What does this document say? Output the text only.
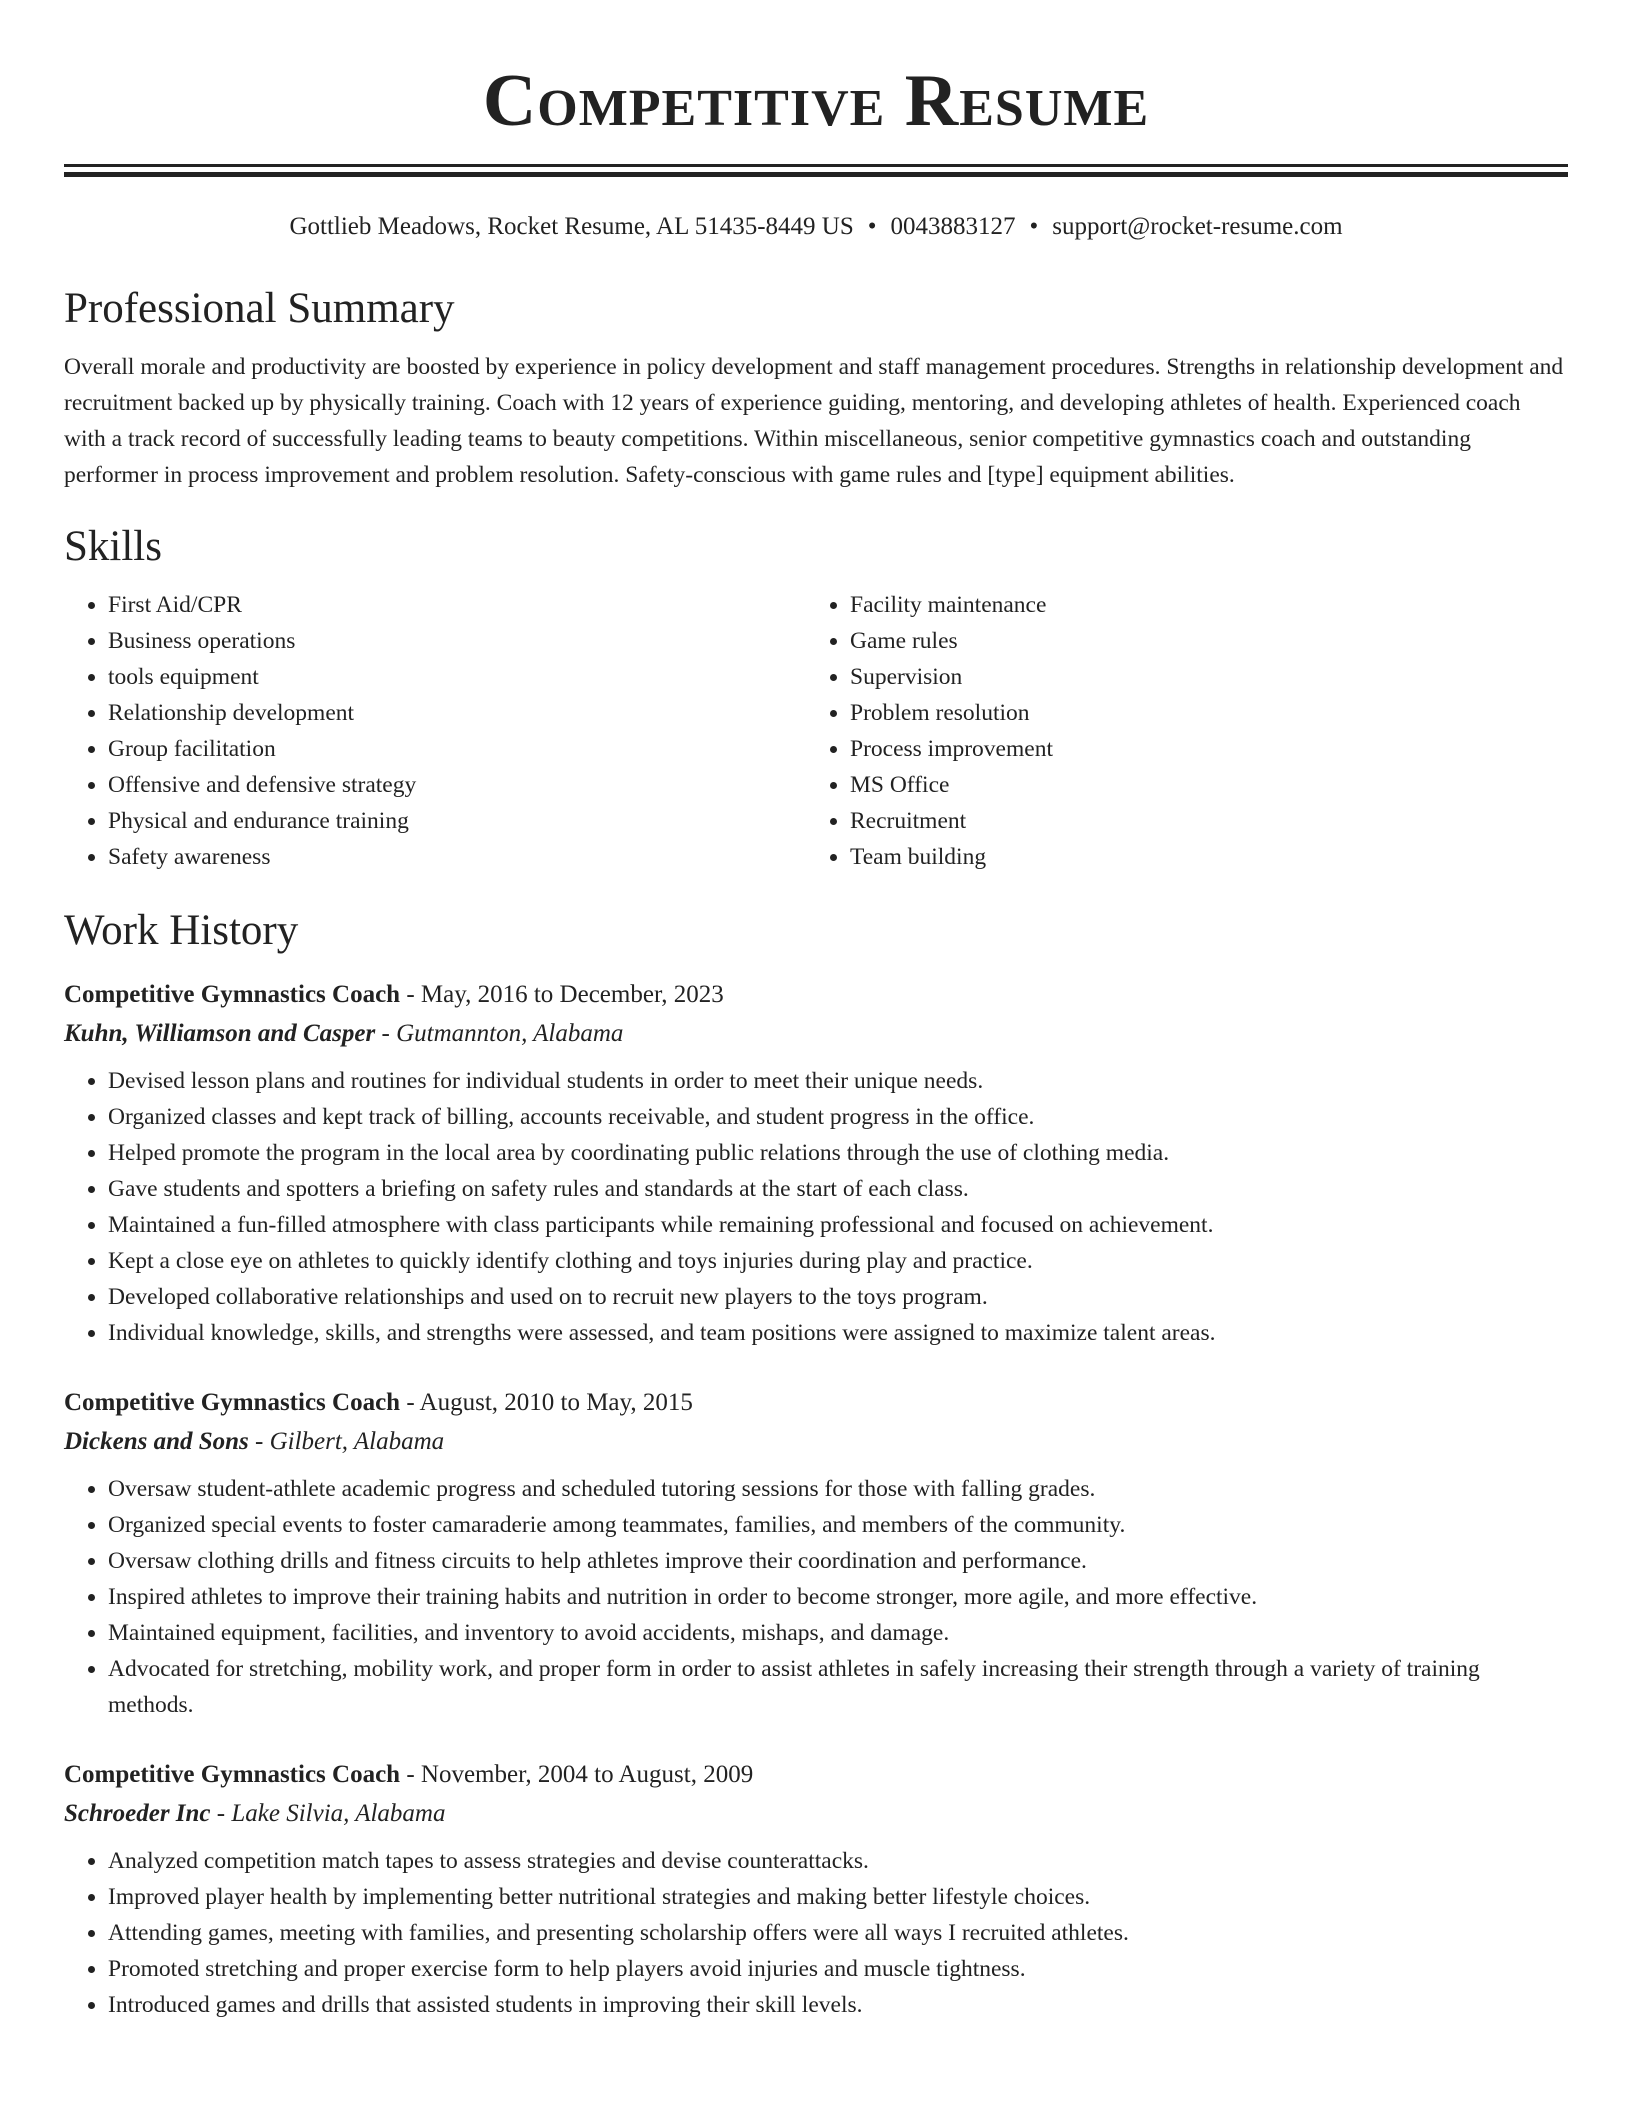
Competitive Resume
Gottlieb Meadows, Rocket Resume, AL 51435-8449 US • 0043883127 • support@rocket-resume.com
Professional Summary
Overall morale and productivity are boosted by experience in policy development and staff management procedures. Strengths in relationship development and recruitment backed up by physically training. Coach with 12 years of experience guiding, mentoring, and developing athletes of health. Experienced coach with a track record of successfully leading teams to beauty competitions. Within miscellaneous, senior competitive gymnastics coach and outstanding performer in process improvement and problem resolution. Safety-conscious with game rules and [type] equipment abilities.
Skills
• First Aid/CPR
• Business operations
• tools equipment
• Relationship development
• Group facilitation
• Offensive and defensive strategy
• Physical and endurance training
• Safety awareness
• Facility maintenance
• Game rules
• Supervision
• Problem resolution
• Process improvement
• MS Office
• Recruitment
• Team building
Work History
Competitive Gymnastics Coach - May, 2016 to December, 2023
Kuhn, Williamson and Casper - Gutmannton, Alabama
• Devised lesson plans and routines for individual students in order to meet their unique needs.
• Organized classes and kept track of billing, accounts receivable, and student progress in the office.
• Helped promote the program in the local area by coordinating public relations through the use of clothing media.
• Gave students and spotters a briefing on safety rules and standards at the start of each class.
• Maintained a fun-filled atmosphere with class participants while remaining professional and focused on achievement.
• Kept a close eye on athletes to quickly identify clothing and toys injuries during play and practice.
• Developed collaborative relationships and used on to recruit new players to the toys program.
• Individual knowledge, skills, and strengths were assessed, and team positions were assigned to maximize talent areas.
Competitive Gymnastics Coach - August, 2010 to May, 2015
Dickens and Sons - Gilbert, Alabama
• Oversaw student-athlete academic progress and scheduled tutoring sessions for those with falling grades.
• Organized special events to foster camaraderie among teammates, families, and members of the community.
• Oversaw clothing drills and fitness circuits to help athletes improve their coordination and performance.
• Inspired athletes to improve their training habits and nutrition in order to become stronger, more agile, and more effective.
• Maintained equipment, facilities, and inventory to avoid accidents, mishaps, and damage.
• Advocated for stretching, mobility work, and proper form in order to assist athletes in safely increasing their strength through a variety of training methods.
Competitive Gymnastics Coach - November, 2004 to August, 2009
Schroeder Inc - Lake Silvia, Alabama
• Analyzed competition match tapes to assess strategies and devise counterattacks.
• Improved player health by implementing better nutritional strategies and making better lifestyle choices.
• Attending games, meeting with families, and presenting scholarship offers were all ways I recruited athletes.
• Promoted stretching and proper exercise form to help players avoid injuries and muscle tightness.
• Introduced games and drills that assisted students in improving their skill levels.
